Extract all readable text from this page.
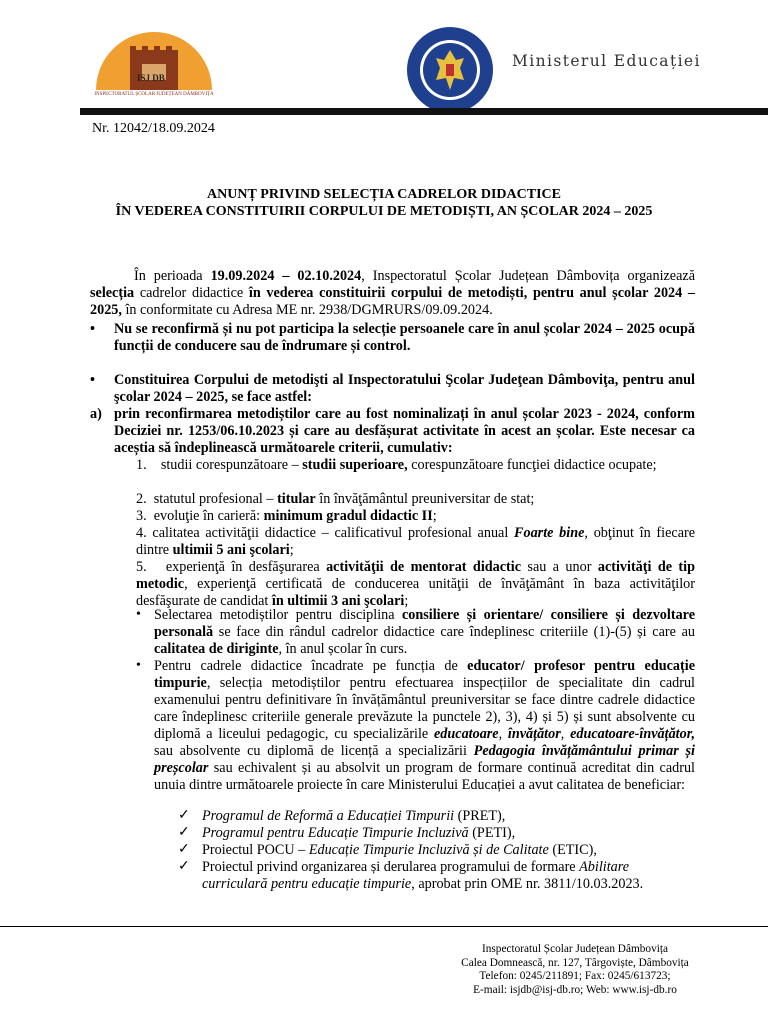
ISJ DB
INSPECTORATUL ȘCOLAR JUDEȚEAN DÂMBOVIȚA
Ministerul Educației
Nr. 12042/18.09.2024
ANUNȚ PRIVIND SELECȚIA CADRELOR DIDACTICE
ÎN VEDEREA CONSTITUIRII CORPULUI DE METODIȘTI, AN ȘCOLAR 2024 – 2025
În perioada 19.09.2024 – 02.10.2024, Inspectoratul Școlar Județean Dâmbovița organizează selecția cadrelor didactice în vederea constituirii corpului de metodiști, pentru anul școlar 2024 – 2025, în conformitate cu Adresa ME nr. 2938/DGMRURS/09.09.2024.
• Nu se reconfirmă și nu pot participa la selecție persoanele care în anul școlar 2024 – 2025 ocupă funcții de conducere sau de îndrumare și control.
• Constituirea Corpului de metodişti al Inspectoratului Şcolar Judeţean Dâmboviţa, pentru anul şcolar 2024 – 2025, se face astfel:
a) prin reconfirmarea metodiștilor care au fost nominalizați în anul școlar 2023 - 2024, conform Deciziei nr. 1253/06.10.2023 și care au desfășurat activitate în acest an școlar. Este necesar ca aceștia să îndeplinească următoarele criterii, cumulativ:
1. studii corespunzătoare – studii superioare, corespunzătoare funcţiei didactice ocupate;
2. statutul profesional – titular în învăţământul preuniversitar de stat;
3. evoluţie în carieră: minimum gradul didactic II;
4. calitatea activităţii didactice – calificativul profesional anual Foarte bine, obţinut în fiecare dintre ultimii 5 ani şcolari;
5. experienţă în desfăşurarea activităţii de mentorat didactic sau a unor activităţi de tip metodic, experienţă certificată de conducerea unităţii de învăţământ în baza activităţilor desfăşurate de candidat în ultimii 3 ani şcolari;
• Selectarea metodiștilor pentru disciplina consiliere și orientare/ consiliere și dezvoltare personală se face din rândul cadrelor didactice care îndeplinesc criteriile (1)-(5) și care au calitatea de diriginte, în anul școlar în curs.
• Pentru cadrele didactice încadrate pe funcția de educator/ profesor pentru educație timpurie, selecția metodiștilor pentru efectuarea inspecțiilor de specialitate din cadrul examenului pentru definitivare în învățământul preuniversitar se face dintre cadrele didactice care îndeplinesc criteriile generale prevăzute la punctele 2), 3), 4) și 5) și sunt absolvente cu diplomă a liceului pedagogic, cu specializările educatoare, învățător, educatoare-învățător, sau absolvente cu diplomă de licență a specializării Pedagogia învățământului primar și preșcolar sau echivalent și au absolvit un program de formare continuă acreditat din cadrul unuia dintre următoarele proiecte în care Ministerului Educației a avut calitatea de beneficiar:
✓ Programul de Reformă a Educației Timpurii (PRET),
✓ Programul pentru Educație Timpurie Incluzivă (PETI),
✓ Proiectul POCU – Educație Timpurie Incluzivă și de Calitate (ETIC),
✓ Proiectul privind organizarea și derularea programului de formare Abilitare curriculară pentru educație timpurie, aprobat prin OME nr. 3811/10.03.2023.
Inspectoratul Școlar Județean Dâmbovița
Calea Domnească, nr. 127, Târgoviște, Dâmbovița
Telefon: 0245/211891; Fax: 0245/613723;
E-mail: isjdb@isj-db.ro; Web: www.isj-db.ro
